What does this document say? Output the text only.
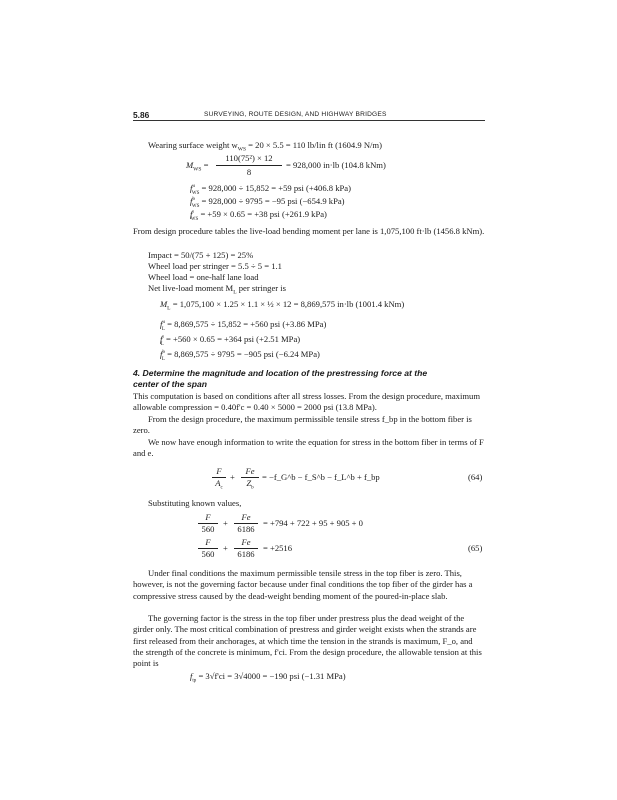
5.86	SURVEYING, ROUTE DESIGN, AND HIGHWAY BRIDGES
Wearing surface weight $w_{WS} = 20 \times 5.5 = 110$ lb/lin ft (1604.9 N/m)
$M_{WS}$ =
110(75²) × 12
8
= 928,000 in·lb (104.8 kNm)
$f^u_{WS} = 928,000 \div 15,852 = +59$ psi (+406.8 kPa)
$f^b_{WS} = 928,000 \div 9795 = -95$ psi (−654.9 kPa)
$f^t_{WS} = +59 \times 0.65 = +38$ psi (+261.9 kPa)
From design procedure tables the live-load bending moment per lane is 1,075,100 ft·lb (1456.8 kNm).
Impact = 50/(75 + 125) = 25%
Wheel load per stringer = 5.5 ÷ 5 = 1.1
Wheel load = one-half lane load
Net live-load moment $M_L$ per stringer is
$M_L = 1,075,100 \times 1.25 \times 1.1$ × ½ × 12 = 8,869,575 in·lb (1001.4 kNm)
$f^u_L = 8,869,575 \div 15,852 = +560$ psi (+3.86 MPa)
$f^t_L = +560 \times 0.65 = +364$ psi (+2.51 MPa)
$f^b_L = 8,869,575 \div 9795 = -905$ psi (−6.24 MPa)
4. Determine the magnitude and location of the prestressing force at the center of the span
This computation is based on conditions after all stress losses. From the design procedure, maximum allowable compression = 0.40f'c = 0.40 × 5000 = 2000 psi (13.8 MPa).
From the design procedure, the maximum permissible tensile stress f_bp in the bottom fiber is zero.
We now have enough information to write the equation for stress in the bottom fiber in terms of F and e.
F
$A_c$
+
Fe
$Z_b$
= −f_G^b − f_S^b − f_L^b + f_bp	(64)
Substituting known values,
F
560
+
Fe
6186
= +794 + 722 + 95 + 905 + 0
F
560
+
Fe
6186
= +2516	(65)
Under final conditions the maximum permissible tensile stress in the top fiber is zero. This, however, is not the governing factor because under final conditions the top fiber of the girder has a compressive stress caused by the dead-weight bending moment of the poured-in-place slab.
The governing factor is the stress in the top fiber under prestress plus the dead weight of the girder only. The most critical combination of prestress and girder weight exists when the strands are first released from their anchorages, at which time the tension in the strands is maximum, F_o, and the strength of the concrete is minimum, f'ci. From the design procedure, the allowable tension at this point is
$f_{tp} = 3√f'ci = 3√4000 = -190$ psi (−1.31 MPa)
